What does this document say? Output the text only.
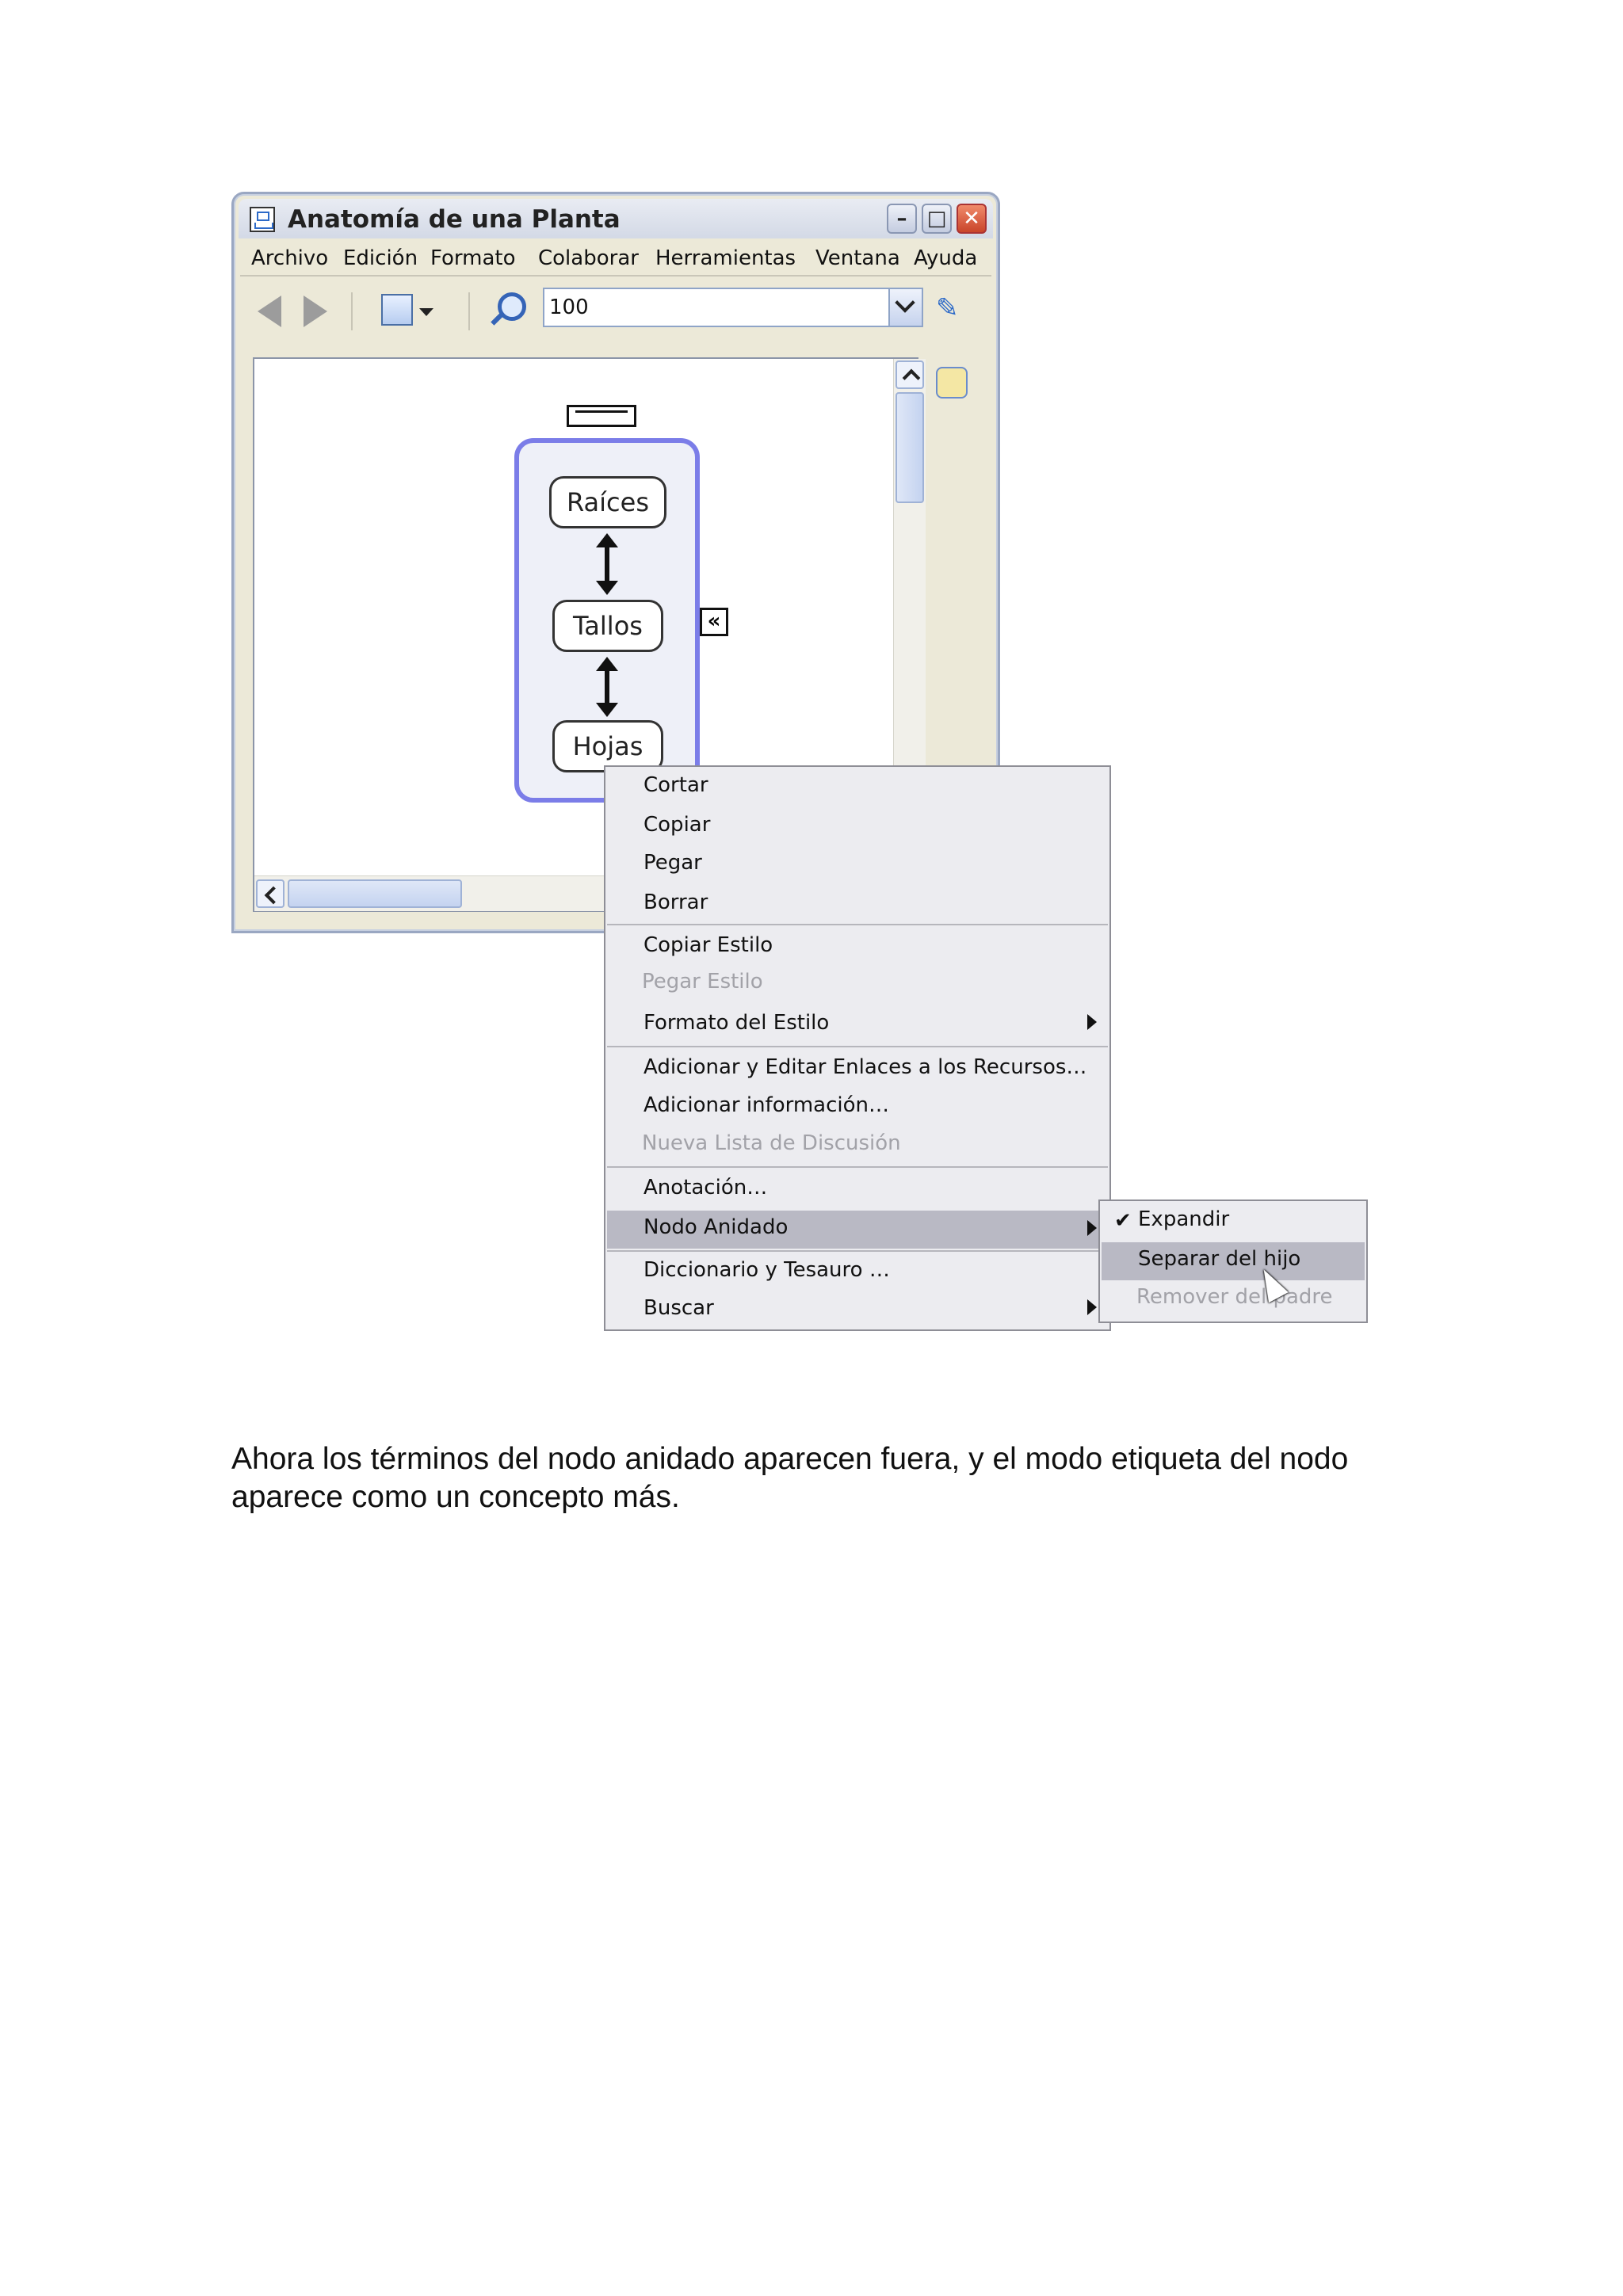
Anatomía de una Planta	– □ ✕
Archivo Edición Formato Colaborar Herramientas Ventana Ayuda
100	✎
Raíces
Tallos
Hojas
«
Cortar
Copiar
Pegar
Borrar
Copiar Estilo
Pegar Estilo
Formato del Estilo
Adicionar y Editar Enlaces a los Recursos…
Adicionar información…
Nueva Lista de Discusión
Anotación…
Nodo Anidado
Diccionario y Tesauro …
Buscar
✔ Expandir
Separar del hijo
Remover del padre
Ahora los términos del nodo anidado aparecen fuera, y el modo etiqueta del nodo aparece como un concepto más.
